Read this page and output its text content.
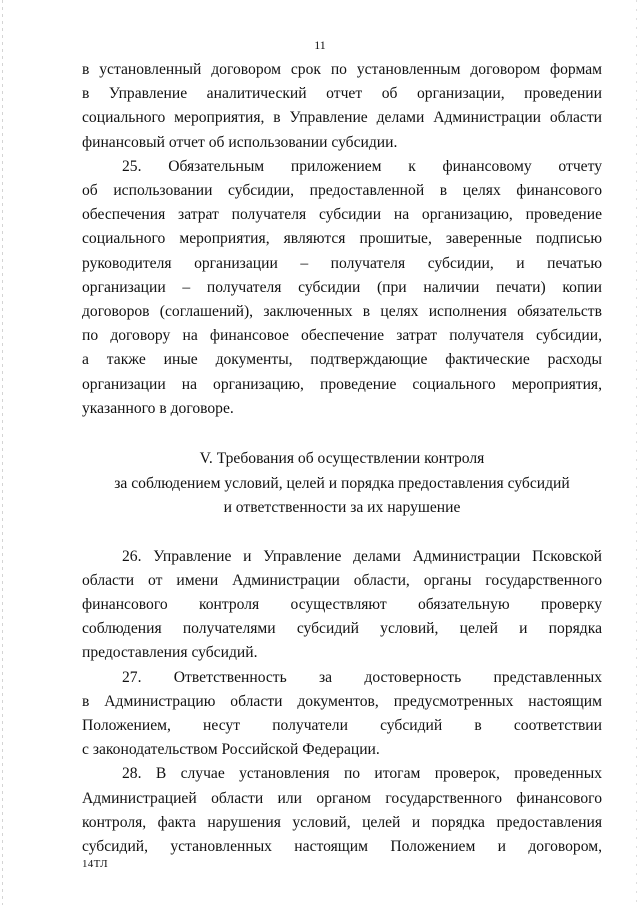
11
в установленный договором срок по установленным договором формам
в Управление аналитический отчет об организации, проведении
социального мероприятия, в Управление делами Администрации области
финансовый отчет об использовании субсидии.
25. Обязательным приложением к финансовому отчету
об использовании субсидии, предоставленной в целях финансового
обеспечения затрат получателя субсидии на организацию, проведение
социального мероприятия, являются прошитые, заверенные подписью
руководителя организации – получателя субсидии, и печатью
организации – получателя субсидии (при наличии печати) копии
договоров (соглашений), заключенных в целях исполнения обязательств
по договору на финансовое обеспечение затрат получателя субсидии,
а также иные документы, подтверждающие фактические расходы
организации на организацию, проведение социального мероприятия,
указанного в договоре.
V. Требования об осуществлении контроля
за соблюдением условий, целей и порядка предоставления субсидий
и ответственности за их нарушение
26. Управление и Управление делами Администрации Псковской
области от имени Администрации области, органы государственного
финансового контроля осуществляют обязательную проверку
соблюдения получателями субсидий условий, целей и порядка
предоставления субсидий.
27. Ответственность за достоверность представленных
в Администрацию области документов, предусмотренных настоящим
Положением, несут получатели субсидий в соответствии
с законодательством Российской Федерации.
28. В случае установления по итогам проверок, проведенных
Администрацией области или органом государственного финансового
контроля, факта нарушения условий, целей и порядка предоставления
субсидий, установленных настоящим Положением и договором,
14ТЛ
